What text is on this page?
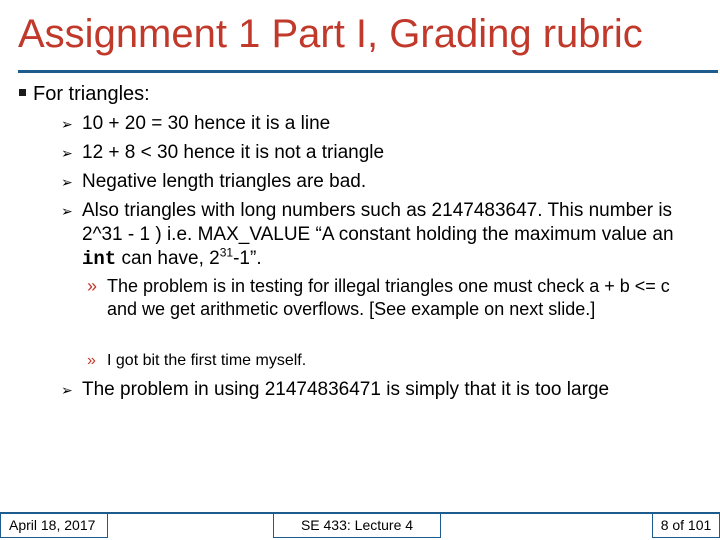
Assignment 1 Part I, Grading rubric
For triangles:
➢ 10 + 20 = 30 hence it is a line
➢ 12 + 8 < 30 hence it is not a triangle
➢ Negative length triangles are bad.
➢ Also triangles with long numbers such as 2147483647. This number is 2^31 - 1 ) i.e. MAX_VALUE “A constant holding the maximum value an int can have, $2^{31}-1$”.
» The problem is in testing for illegal triangles one must check a + b <= c and we get arithmetic overflows. [See example on next slide.]
» I got bit the first time myself.
➢ The problem in using 21474836471 is simply that it is too large
April 18, 2017	SE 433: Lecture 4	8 of 101
